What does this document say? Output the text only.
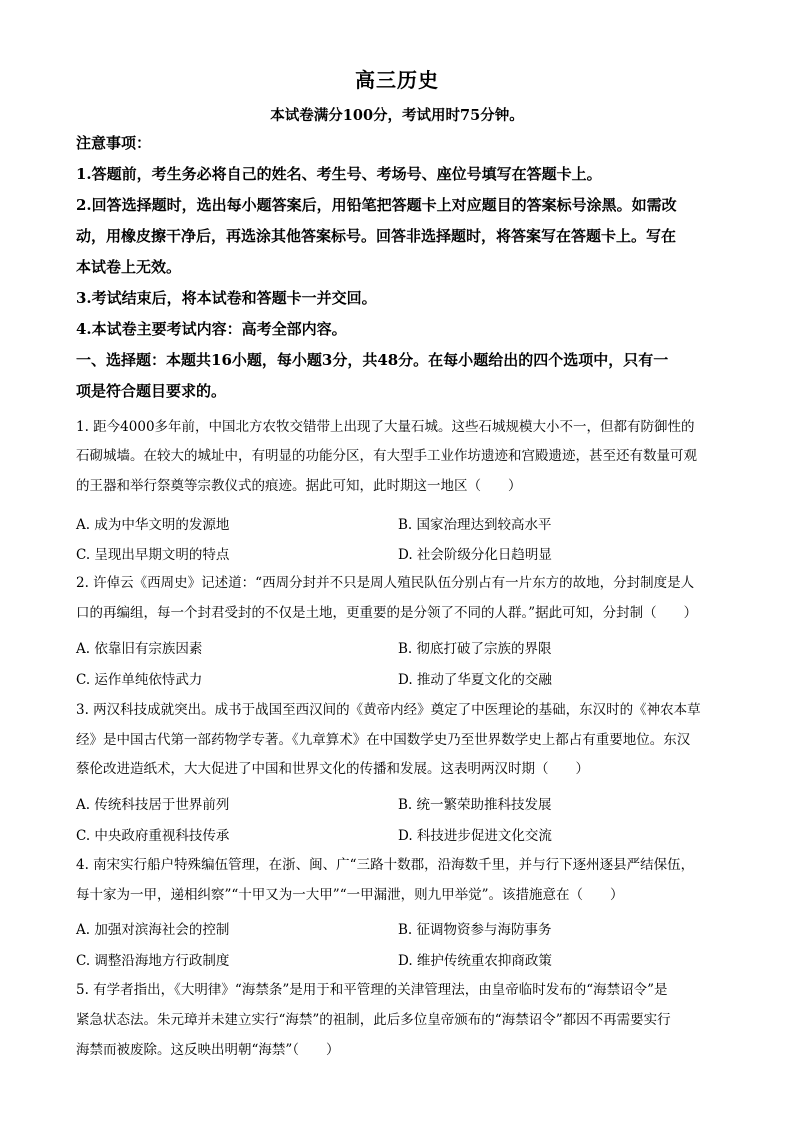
高三历史
本试卷满分100分，考试用时75分钟。
注意事项：
1.答题前，考生务必将自己的姓名、考生号、考场号、座位号填写在答题卡上。
2.回答选择题时，选出每小题答案后，用铅笔把答题卡上对应题目的答案标号涂黑。如需改
动，用橡皮擦干净后，再选涂其他答案标号。回答非选择题时，将答案写在答题卡上。写在
本试卷上无效。
3.考试结束后，将本试卷和答题卡一并交回。
4.本试卷主要考试内容：高考全部内容。
一、选择题：本题共16小题，每小题3分，共48分。在每小题给出的四个选项中，只有一
项是符合题目要求的。
1. 距今4000多年前，中国北方农牧交错带上出现了大量石城。这些石城规模大小不一，但都有防御性的
石砌城墙。在较大的城址中，有明显的功能分区，有大型手工业作坊遗迹和宫殿遗迹，甚至还有数量可观
的王器和举行祭奠等宗教仪式的痕迹。据此可知，此时期这一地区（　　）
A. 成为中华文明的发源地	B. 国家治理达到较高水平
C. 呈现出早期文明的特点	D. 社会阶级分化日趋明显
2. 许倬云《西周史》记述道：“西周分封并不只是周人殖民队伍分别占有一片东方的故地，分封制度是人
口的再编组，每一个封君受封的不仅是土地，更重要的是分领了不同的人群。”据此可知，分封制（　　）
A. 依靠旧有宗族因素	B. 彻底打破了宗族的界限
C. 运作单纯依恃武力	D. 推动了华夏文化的交融
3. 两汉科技成就突出。成书于战国至西汉间的《黄帝内经》奠定了中医理论的基础，东汉时的《神农本草
经》是中国古代第一部药物学专著。《九章算术》在中国数学史乃至世界数学史上都占有重要地位。东汉
蔡伦改进造纸术，大大促进了中国和世界文化的传播和发展。这表明两汉时期（　　）
A. 传统科技居于世界前列	B. 统一繁荣助推科技发展
C. 中央政府重视科技传承	D. 科技进步促进文化交流
4. 南宋实行船户特殊编伍管理，在浙、闽、广“三路十数郡，沿海数千里，并与行下逐州逐县严结保伍，
每十家为一甲，递相纠察”“十甲又为一大甲”“一甲漏泄，则九甲举觉”。该措施意在（　　）
A. 加强对滨海社会的控制	B. 征调物资参与海防事务
C. 调整沿海地方行政制度	D. 维护传统重农抑商政策
5. 有学者指出，《大明律》“海禁条”是用于和平管理的关津管理法，由皇帝临时发布的“海禁诏令”是
紧急状态法。朱元璋并未建立实行“海禁”的祖制，此后多位皇帝颁布的“海禁诏令”都因不再需要实行
海禁而被废除。这反映出明朝“海禁”（　　）
